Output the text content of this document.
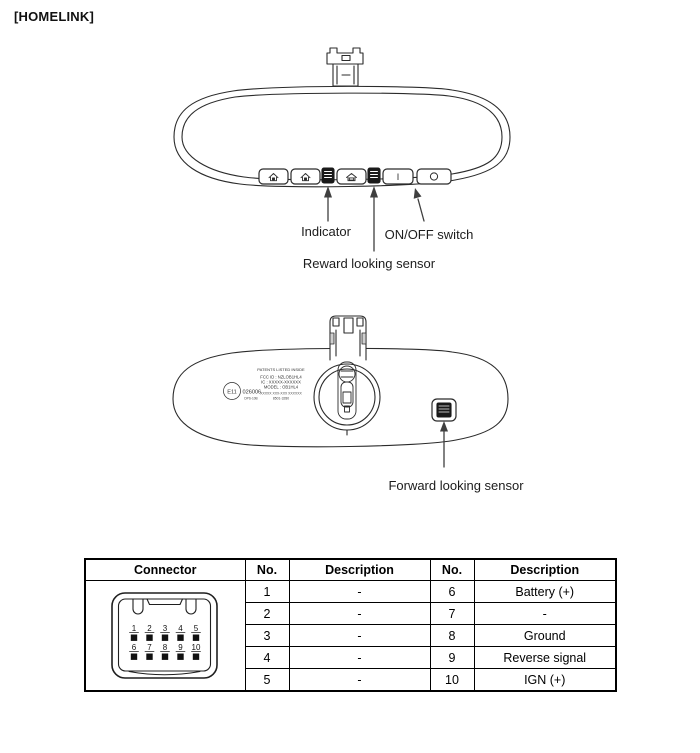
[HOMELINK]
I
E11 026006
DPS-10B
PATENTS LISTED INSIDE
FCC ID : NZLOB1HL4
IC : XXXXX-XXXXXX
MODEL : OB1HL4
XXXXX XXX-XXX XXXXXX
8501-3280
Indicator	ON/OFF switch
Reward looking sensor
Forward looking sensor
Connector	No.	Description	No.	Description

1 2 3 4 5
6 7 8 9 10
	1	-	6	Battery (+)
	2	-	7	-
	3	-	8	Ground
	4	-	9	Reverse signal
	5	-	10	IGN (+)
